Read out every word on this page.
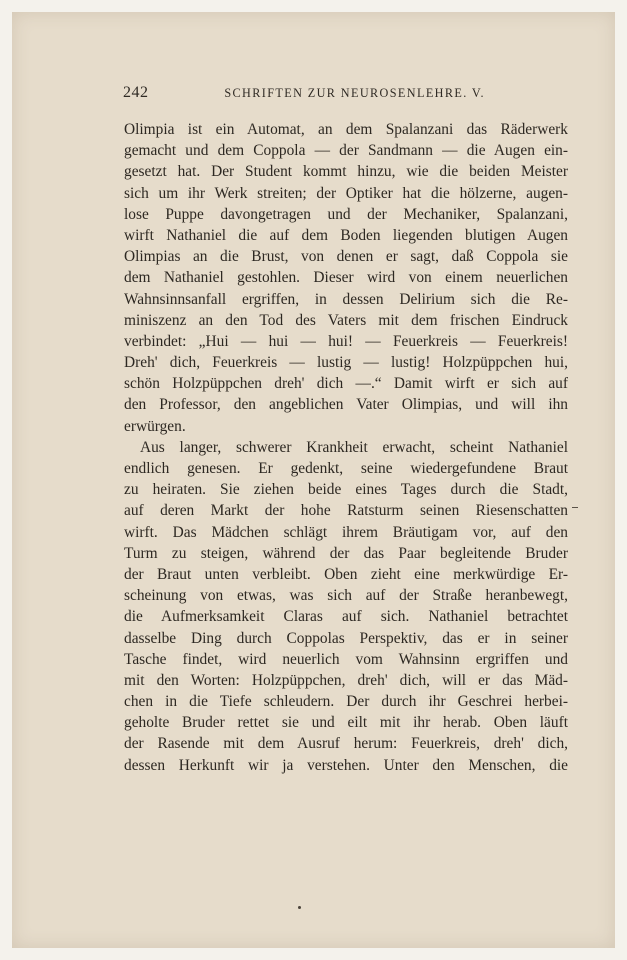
242	SCHRIFTEN ZUR NEUROSENLEHRE. V.
Olimpia ist ein Automat, an dem Spalanzani das Räderwerk
gemacht und dem Coppola — der Sandmann — die Augen ein-
gesetzt hat. Der Student kommt hinzu, wie die beiden Meister
sich um ihr Werk streiten; der Optiker hat die hölzerne, augen-
lose Puppe davongetragen und der Mechaniker, Spalanzani,
wirft Nathaniel die auf dem Boden liegenden blutigen Augen
Olimpias an die Brust, von denen er sagt, daß Coppola sie
dem Nathaniel gestohlen. Dieser wird von einem neuerlichen
Wahnsinnsanfall ergriffen, in dessen Delirium sich die Re-
miniszenz an den Tod des Vaters mit dem frischen Eindruck
verbindet: „Hui — hui — hui! — Feuerkreis — Feuerkreis!
Dreh' dich, Feuerkreis — lustig — lustig! Holzpüppchen hui,
schön Holzpüppchen dreh' dich —.“ Damit wirft er sich auf
den Professor, den angeblichen Vater Olimpias, und will ihn
erwürgen.
Aus langer, schwerer Krankheit erwacht, scheint Nathaniel
endlich genesen. Er gedenkt, seine wiedergefundene Braut
zu heiraten. Sie ziehen beide eines Tages durch die Stadt,
auf deren Markt der hohe Ratsturm seinen Riesenschatten
wirft. Das Mädchen schlägt ihrem Bräutigam vor, auf den
Turm zu steigen, während der das Paar begleitende Bruder
der Braut unten verbleibt. Oben zieht eine merkwürdige Er-
scheinung von etwas, was sich auf der Straße heranbewegt,
die Aufmerksamkeit Claras auf sich. Nathaniel betrachtet
dasselbe Ding durch Coppolas Perspektiv, das er in seiner
Tasche findet, wird neuerlich vom Wahnsinn ergriffen und
mit den Worten: Holzpüppchen, dreh' dich, will er das Mäd-
chen in die Tiefe schleudern. Der durch ihr Geschrei herbei-
geholte Bruder rettet sie und eilt mit ihr herab. Oben läuft
der Rasende mit dem Ausruf herum: Feuerkreis, dreh' dich,
dessen Herkunft wir ja verstehen. Unter den Menschen, die
